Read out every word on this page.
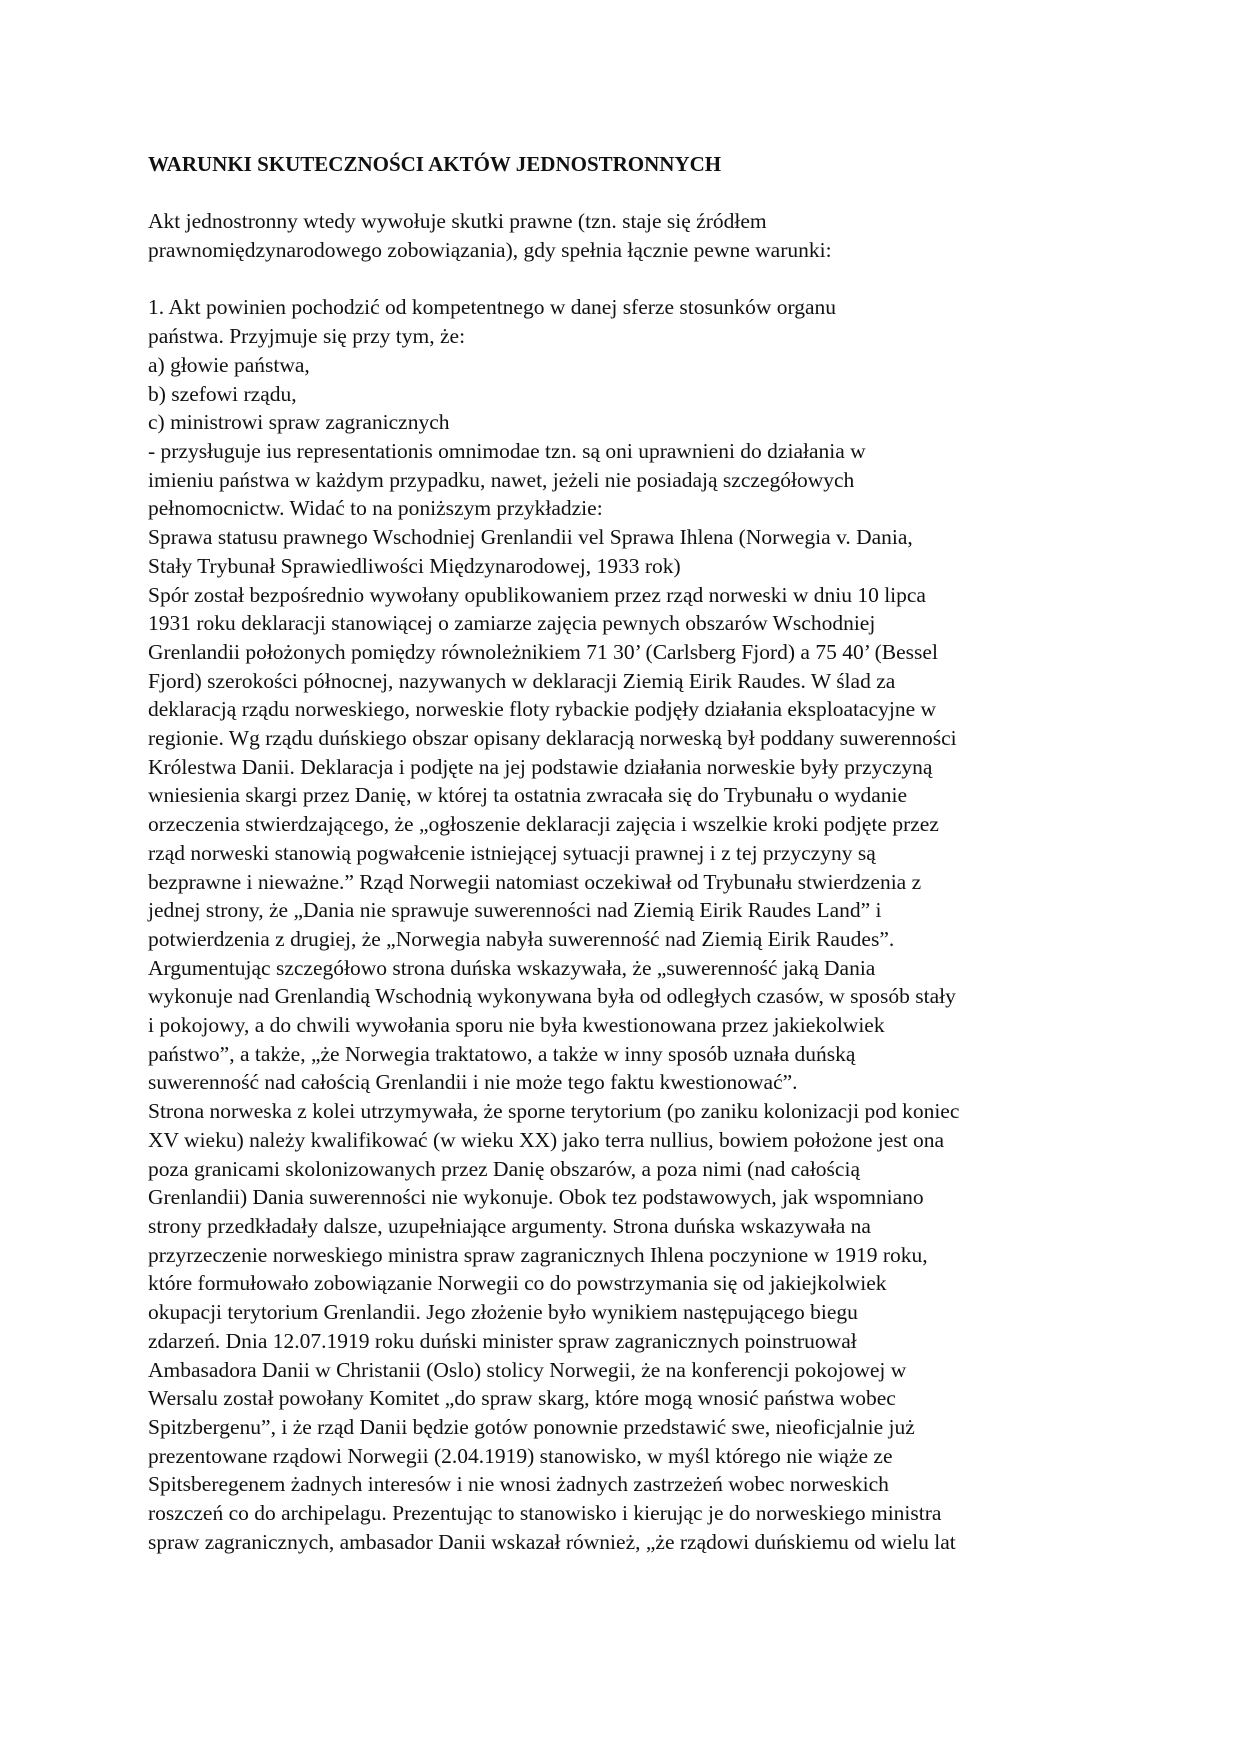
WARUNKI SKUTECZNOŚCI AKTÓW JEDNOSTRONNYCH
Akt jednostronny wtedy wywołuje skutki prawne (tzn. staje się źródłem
prawnomiędzynarodowego zobowiązania), gdy spełnia łącznie pewne warunki:
1. Akt powinien pochodzić od kompetentnego w danej sferze stosunków organu
państwa. Przyjmuje się przy tym, że:
a) głowie państwa,
b) szefowi rządu,
c) ministrowi spraw zagranicznych
- przysługuje ius representationis omnimodae tzn. są oni uprawnieni do działania w
imieniu państwa w każdym przypadku, nawet, jeżeli nie posiadają szczegółowych
pełnomocnictw. Widać to na poniższym przykładzie:
Sprawa statusu prawnego Wschodniej Grenlandii vel Sprawa Ihlena (Norwegia v. Dania,
Stały Trybunał Sprawiedliwości Międzynarodowej, 1933 rok)
Spór został bezpośrednio wywołany opublikowaniem przez rząd norweski w dniu 10 lipca
1931 roku deklaracji stanowiącej o zamiarze zajęcia pewnych obszarów Wschodniej
Grenlandii położonych pomiędzy równoleżnikiem 71 30’ (Carlsberg Fjord) a 75 40’ (Bessel
Fjord) szerokości północnej, nazywanych w deklaracji Ziemią Eirik Raudes. W ślad za
deklaracją rządu norweskiego, norweskie floty rybackie podjęły działania eksploatacyjne w
regionie. Wg rządu duńskiego obszar opisany deklaracją norweską był poddany suwerenności
Królestwa Danii. Deklaracja i podjęte na jej podstawie działania norweskie były przyczyną
wniesienia skargi przez Danię, w której ta ostatnia zwracała się do Trybunału o wydanie
orzeczenia stwierdzającego, że „ogłoszenie deklaracji zajęcia i wszelkie kroki podjęte przez
rząd norweski stanowią pogwałcenie istniejącej sytuacji prawnej i z tej przyczyny są
bezprawne i nieważne.” Rząd Norwegii natomiast oczekiwał od Trybunału stwierdzenia z
jednej strony, że „Dania nie sprawuje suwerenności nad Ziemią Eirik Raudes Land” i
potwierdzenia z drugiej, że „Norwegia nabyła suwerenność nad Ziemią Eirik Raudes”.
Argumentując szczegółowo strona duńska wskazywała, że „suwerenność jaką Dania
wykonuje nad Grenlandią Wschodnią wykonywana była od odległych czasów, w sposób stały
i pokojowy, a do chwili wywołania sporu nie była kwestionowana przez jakiekolwiek
państwo”, a także, „że Norwegia traktatowo, a także w inny sposób uznała duńską
suwerenność nad całością Grenlandii i nie może tego faktu kwestionować”.
Strona norweska z kolei utrzymywała, że sporne terytorium (po zaniku kolonizacji pod koniec
XV wieku) należy kwalifikować (w wieku XX) jako terra nullius, bowiem położone jest ona
poza granicami skolonizowanych przez Danię obszarów, a poza nimi (nad całością
Grenlandii) Dania suwerenności nie wykonuje. Obok tez podstawowych, jak wspomniano
strony przedkładały dalsze, uzupełniające argumenty. Strona duńska wskazywała na
przyrzeczenie norweskiego ministra spraw zagranicznych Ihlena poczynione w 1919 roku,
które formułowało zobowiązanie Norwegii co do powstrzymania się od jakiejkolwiek
okupacji terytorium Grenlandii. Jego złożenie było wynikiem następującego biegu
zdarzeń. Dnia 12.07.1919 roku duński minister spraw zagranicznych poinstruował
Ambasadora Danii w Christanii (Oslo) stolicy Norwegii, że na konferencji pokojowej w
Wersalu został powołany Komitet „do spraw skarg, które mogą wnosić państwa wobec
Spitzbergenu”, i że rząd Danii będzie gotów ponownie przedstawić swe, nieoficjalnie już
prezentowane rządowi Norwegii (2.04.1919) stanowisko, w myśl którego nie wiąże ze
Spitsberegenem żadnych interesów i nie wnosi żadnych zastrzeżeń wobec norweskich
roszczeń co do archipelagu. Prezentując to stanowisko i kierując je do norweskiego ministra
spraw zagranicznych, ambasador Danii wskazał również, „że rządowi duńskiemu od wielu lat
